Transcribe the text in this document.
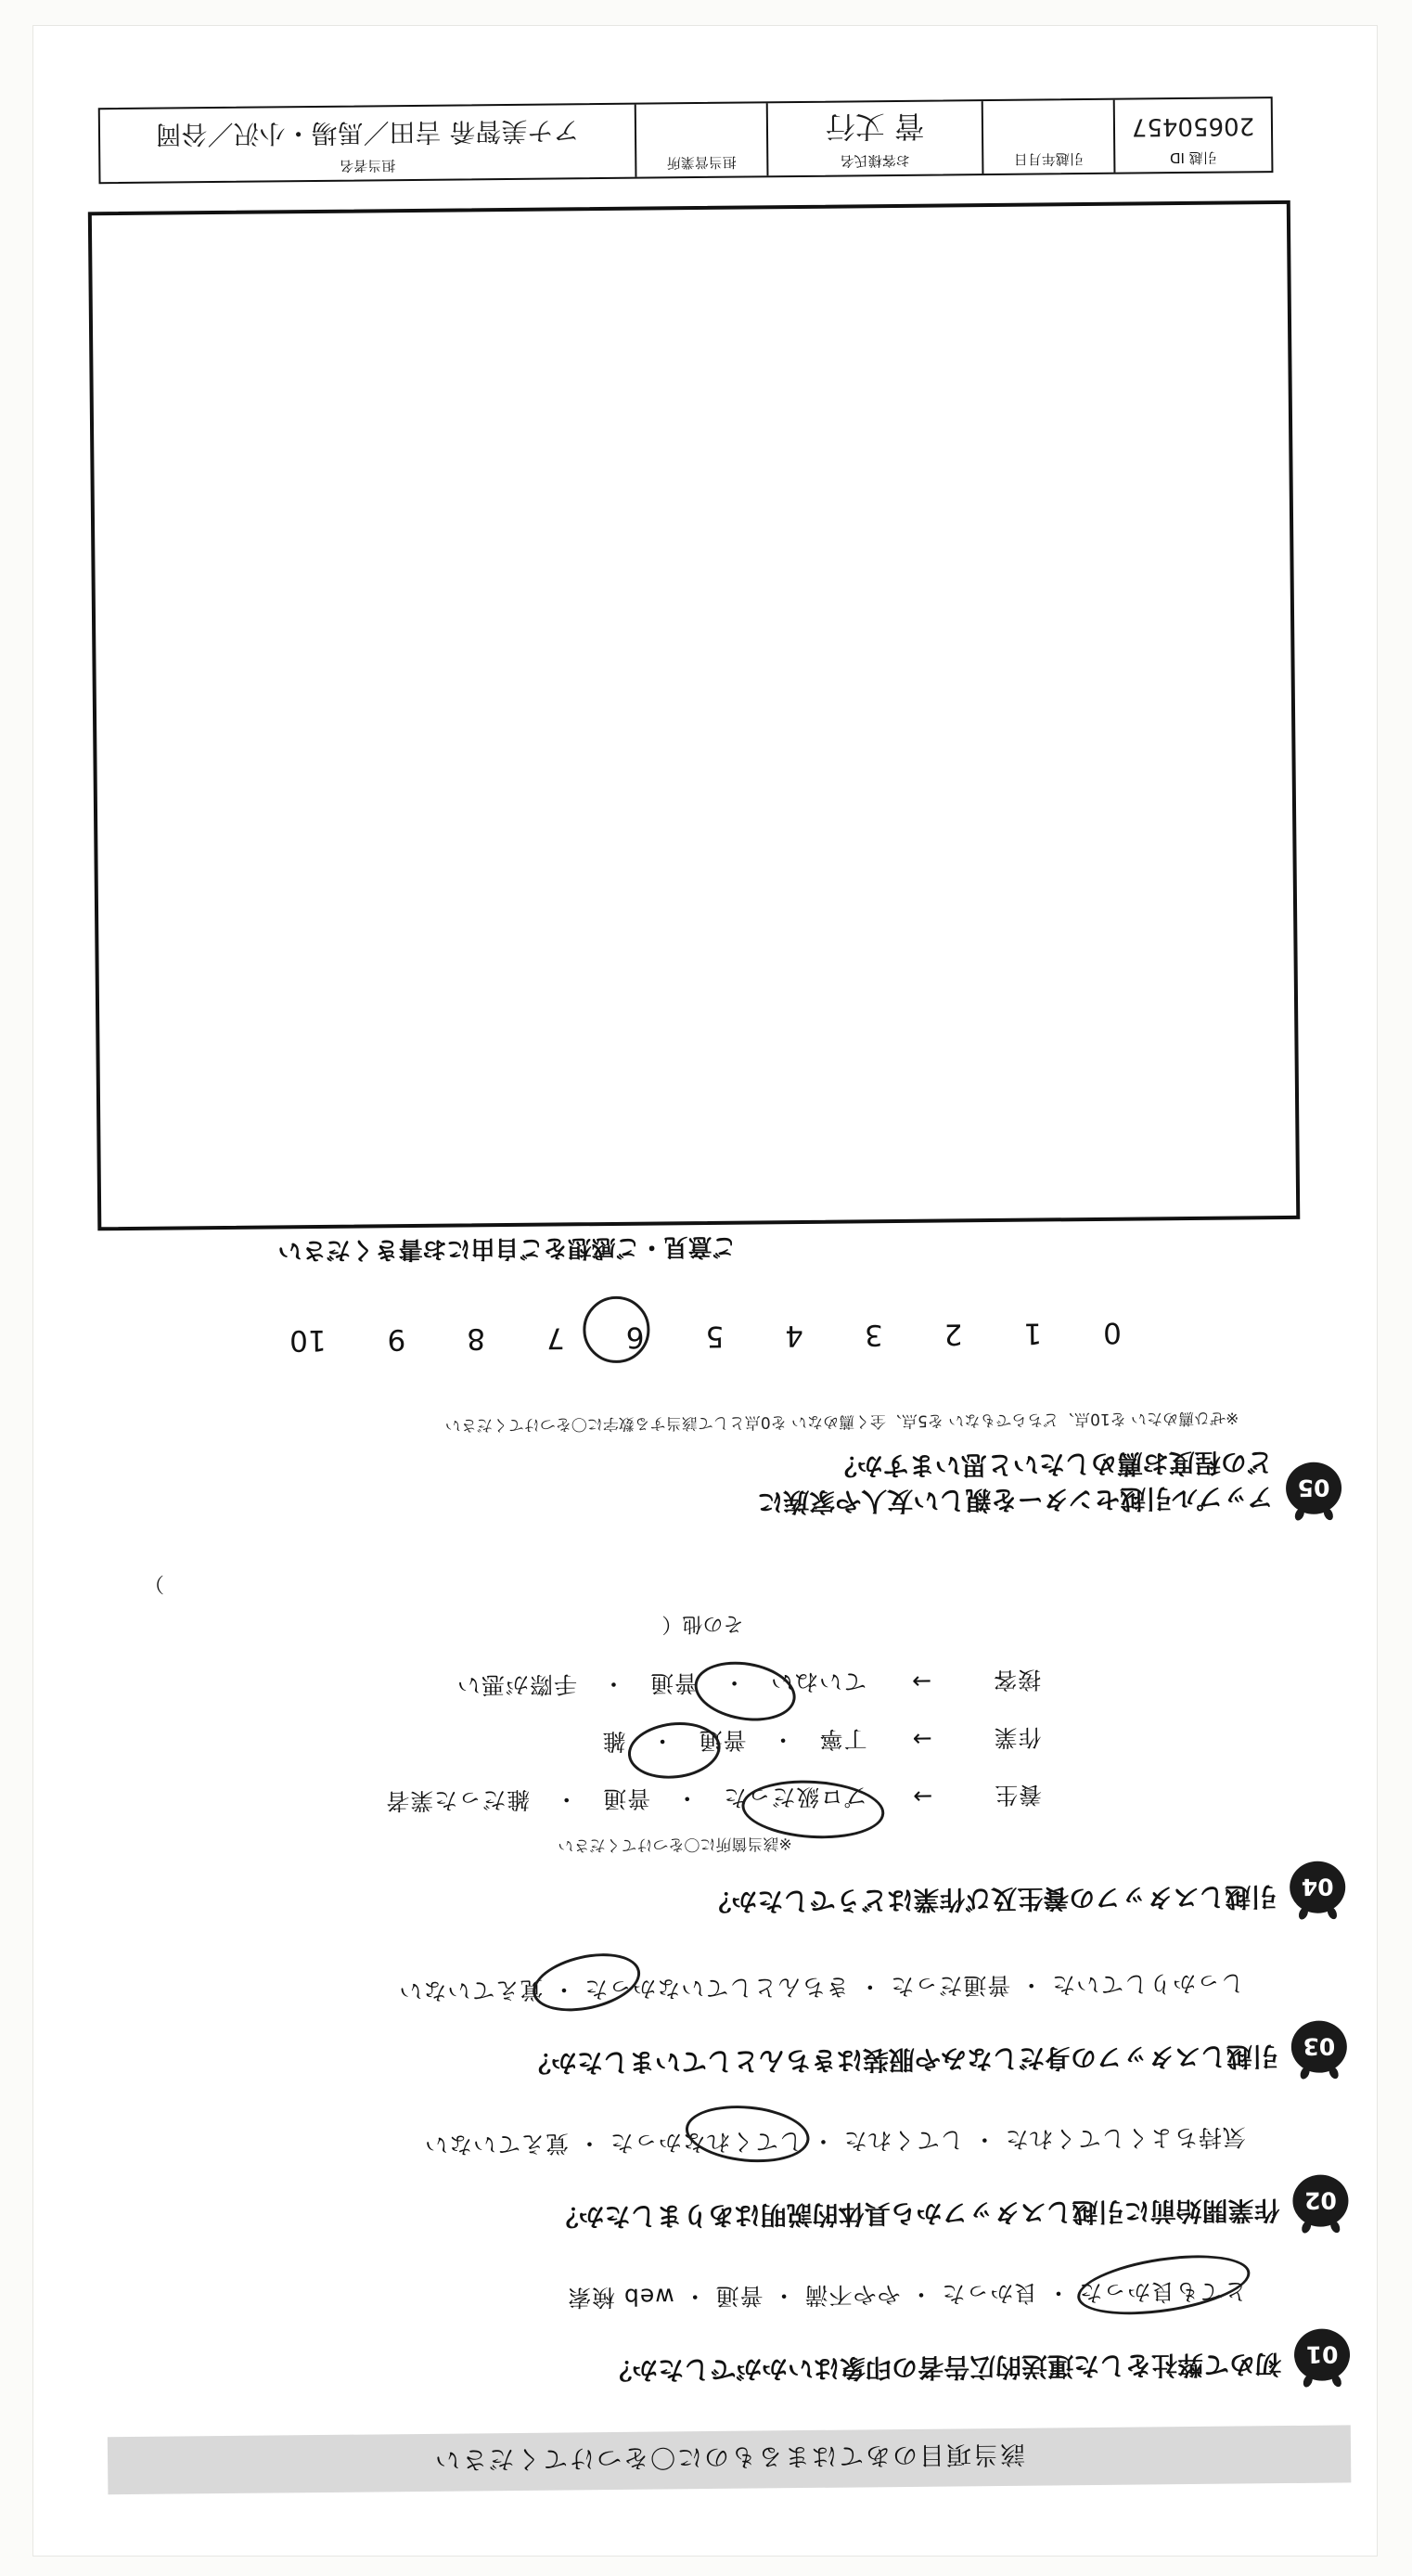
該当項目のあてはまるものに〇をつけてください
01
初めて弊社をした運送的広告者の印象はいかがでしたか？
とても良かった ・ 良かった ・ やや不満 ・ 普通 ・ web 検索
02
作業開始前に引越しスタッフから具体的説明はありましたか？
気持ちよくしてくれた ・ してくれた ・ してくれなかった ・ 覚えていない
03
引越しスタッフの身だしなみや服装はきちんとしていましたか？
しっかりしていた ・ 普通だった ・ きちんとしていなかった ・ 覚えていない
04
引越しスタッフの養生及び作業はどうでしたか？
※該当箇所に〇をつけてください
養生
→
プロ級だった
・
普通
・
雑だった業者
作業
→
丁寧
・
普通
・
雑
接客
→
ていねい
・
普通
・
手際が悪い
その他（
）
05
アップル引越センターを親しい友人や家族に
どの程度お薦めしたいと思いますか？
※ぜひ薦めたい を10点、どちらでもない を5点、全く薦めない を0点として該当する数字に〇をつけてください
0
1
2
3
4
5
6
7
8
9
10
ご意見・ご感想をご自由にお書きください
引越 ID
20650457
引越年月日
お客様氏名
菅 丈行
担当営業所
担当者名
アナ美智希 吉田／馬場・小沢／谷岡
